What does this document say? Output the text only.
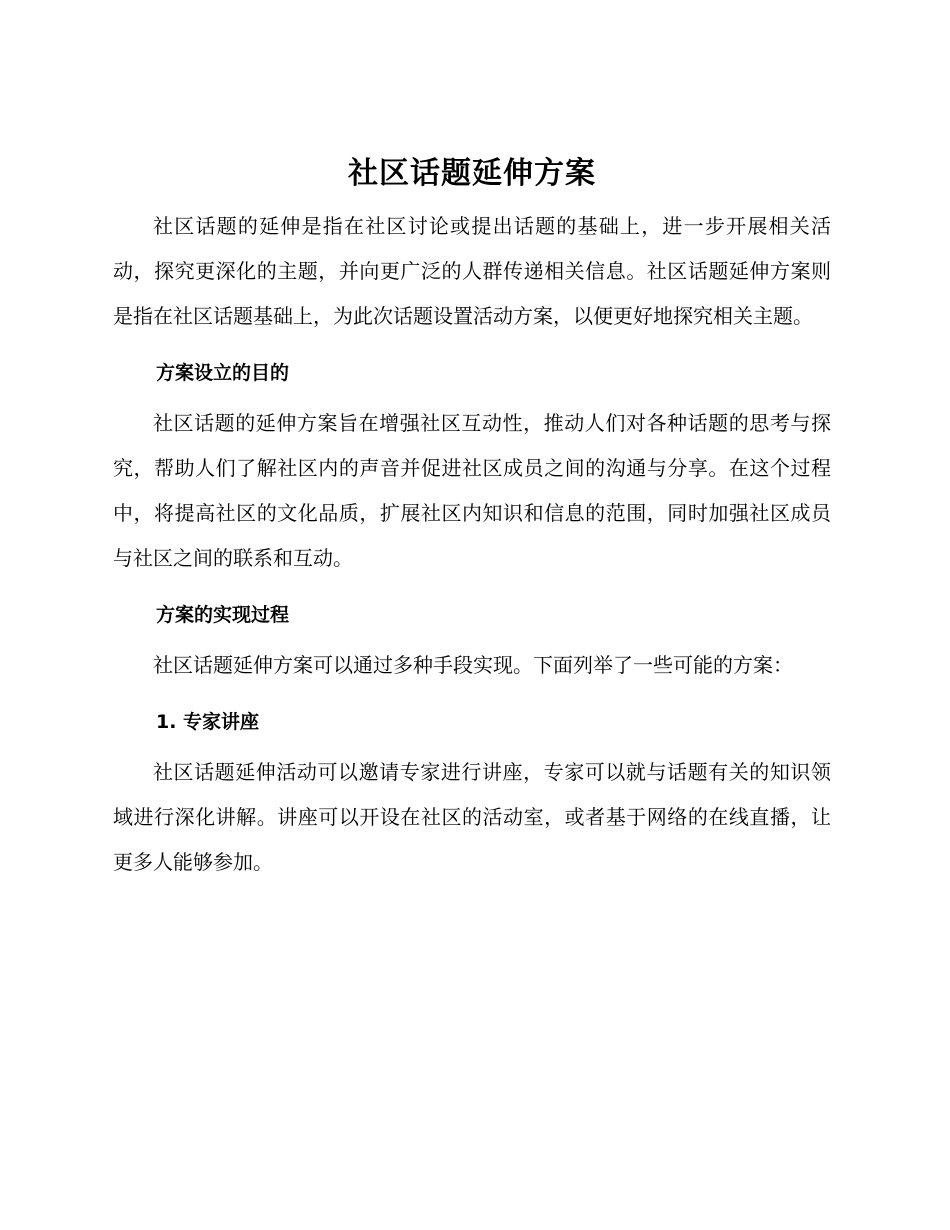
社区话题延伸方案

社区话题的延伸是指在社区讨论或提出话题的基础上，进一步开展相关活动，探究更深化的主题，并向更广泛的人群传递相关信息。社区话题延伸方案则是指在社区话题基础上，为此次话题设置活动方案，以便更好地探究相关主题。

方案设立的目的

社区话题的延伸方案旨在增强社区互动性，推动人们对各种话题的思考与探究，帮助人们了解社区内的声音并促进社区成员之间的沟通与分享。在这个过程中，将提高社区的文化品质，扩展社区内知识和信息的范围，同时加强社区成员与社区之间的联系和互动。

方案的实现过程

社区话题延伸方案可以通过多种手段实现。下面列举了一些可能的方案：

1. 专家讲座

社区话题延伸活动可以邀请专家进行讲座，专家可以就与话题有关的知识领域进行深化讲解。讲座可以开设在社区的活动室，或者基于网络的在线直播，让更多人能够参加。
